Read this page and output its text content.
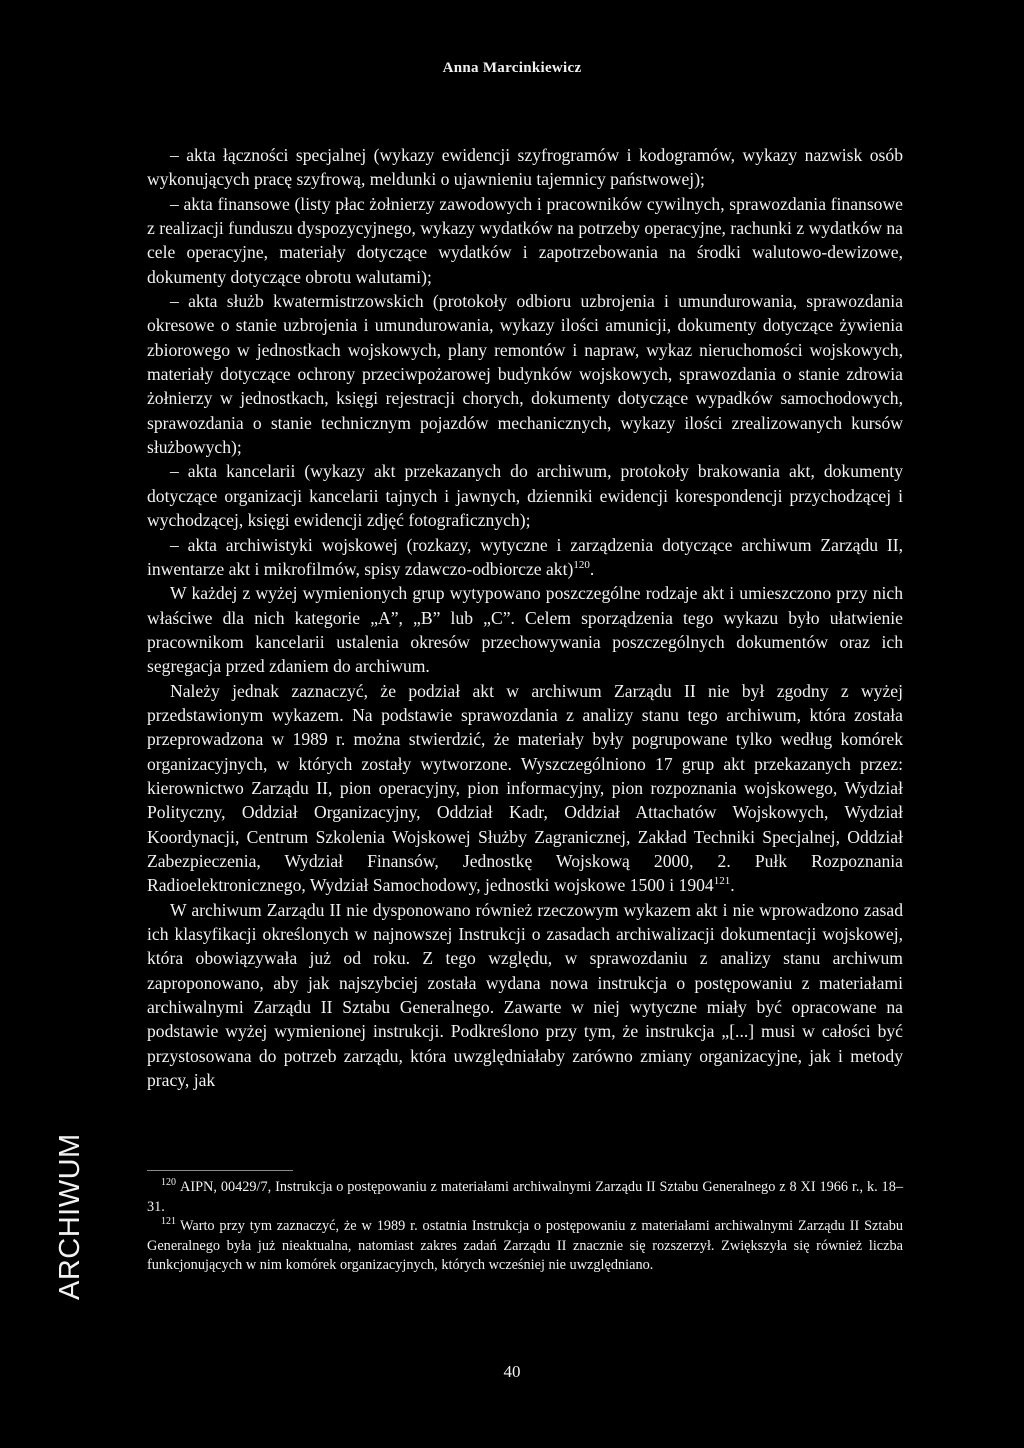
Anna Marcinkiewicz
ARCHIWUM

– akta łączności specjalnej (wykazy ewidencji szyfrogramów i kodogramów, wykazy nazwisk osób wykonujących pracę szyfrową, meldunki o ujawnieniu tajemnicy państwowej);

– akta finansowe (listy płac żołnierzy zawodowych i pracowników cywilnych, sprawozdania finansowe z realizacji funduszu dyspozycyjnego, wykazy wydatków na potrzeby operacyjne, rachunki z wydatków na cele operacyjne, materiały dotyczące wydatków i zapotrzebowania na środki walutowo-dewizowe, dokumenty dotyczące obrotu walutami);

– akta służb kwatermistrzowskich (protokoły odbioru uzbrojenia i umundurowania, sprawozdania okresowe o stanie uzbrojenia i umundurowania, wykazy ilości amunicji, dokumenty dotyczące żywienia zbiorowego w jednostkach wojskowych, plany remontów i napraw, wykaz nieruchomości wojskowych, materiały dotyczące ochrony przeciwpożarowej budynków wojskowych, sprawozdania o stanie zdrowia żołnierzy w jednostkach, księgi rejestracji chorych, dokumenty dotyczące wypadków samochodowych, sprawozdania o stanie technicznym pojazdów mechanicznych, wykazy ilości zrealizowanych kursów służbowych);

– akta kancelarii (wykazy akt przekazanych do archiwum, protokoły brakowania akt, dokumenty dotyczące organizacji kancelarii tajnych i jawnych, dzienniki ewidencji korespondencji przychodzącej i wychodzącej, księgi ewidencji zdjęć fotograficznych);

– akta archiwistyki wojskowej (rozkazy, wytyczne i zarządzenia dotyczące archiwum Zarządu II, inwentarze akt i mikrofilmów, spisy zdawczo-odbiorcze akt)$^{120}$.

W każdej z wyżej wymienionych grup wytypowano poszczególne rodzaje akt i umieszczono przy nich właściwe dla nich kategorie „A”, „B” lub „C”. Celem sporządzenia tego wykazu było ułatwienie pracownikom kancelarii ustalenia okresów przechowywania poszczególnych dokumentów oraz ich segregacja przed zdaniem do archiwum.

Należy jednak zaznaczyć, że podział akt w archiwum Zarządu II nie był zgodny z wyżej przedstawionym wykazem. Na podstawie sprawozdania z analizy stanu tego archiwum, która została przeprowadzona w 1989 r. można stwierdzić, że materiały były pogrupowane tylko według komórek organizacyjnych, w których zostały wytworzone. Wyszczególniono 17 grup akt przekazanych przez: kierownictwo Zarządu II, pion operacyjny, pion informacyjny, pion rozpoznania wojskowego, Wydział Polityczny, Oddział Organizacyjny, Oddział Kadr, Oddział Attachatów Wojskowych, Wydział Koordynacji, Centrum Szkolenia Wojskowej Służby Zagranicznej, Zakład Techniki Specjalnej, Oddział Zabezpieczenia, Wydział Finansów, Jednostkę Wojskową 2000, 2. Pułk Rozpoznania Radioelektronicznego, Wydział Samochodowy, jednostki wojskowe 1500 i 1904$^{121}$.

W archiwum Zarządu II nie dysponowano również rzeczowym wykazem akt i nie wprowadzono zasad ich klasyfikacji określonych w najnowszej Instrukcji o zasadach archiwalizacji dokumentacji wojskowej, która obowiązywała już od roku. Z tego względu, w sprawozdaniu z analizy stanu archiwum zaproponowano, aby jak najszybciej została wydana nowa instrukcja o postępowaniu z materiałami archiwalnymi Zarządu II Sztabu Generalnego. Zawarte w niej wytyczne miały być opracowane na podstawie wyżej wymienionej instrukcji. Podkreślono przy tym, że instrukcja „[...] musi w całości być przystosowana do potrzeb zarządu, która uwzględniałaby zarówno zmiany organizacyjne, jak i metody pracy, jak

$^{120}$ AIPN, 00429/7, Instrukcja o postępowaniu z materiałami archiwalnymi Zarządu II Sztabu Generalnego z 8 XI 1966 r., k. 18–31.

$^{121}$ Warto przy tym zaznaczyć, że w 1989 r. ostatnia Instrukcja o postępowaniu z materiałami archiwalnymi Zarządu II Sztabu Generalnego była już nieaktualna, natomiast zakres zadań Zarządu II znacznie się rozszerzył. Zwiększyła się również liczba funkcjonujących w nim komórek organizacyjnych, których wcześniej nie uwzględniano.

40
